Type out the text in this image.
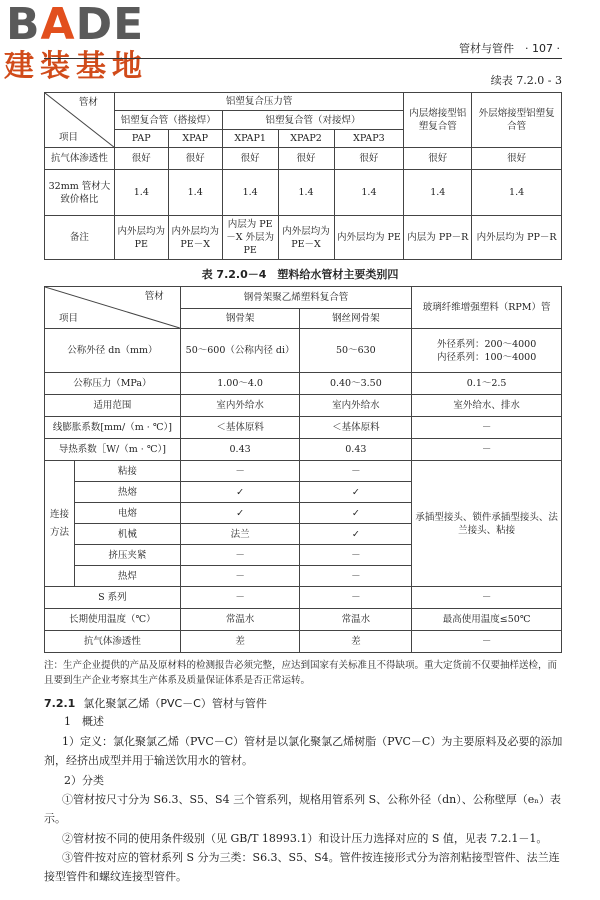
BADE
建装基地
管材与管件　 · 107 ·
续表 7.2.0 - 3
管材
项目	铝塑复合压力管					内层熔接型铝塑复合管	外层熔接型铝塑复合管
	铝塑复合管（搭接焊）		铝塑复合管（对接焊）				
	PAP	XPAP	XPAP1	XPAP2	XPAP3		
抗气体渗透性	很好	很好	很好	很好	很好	很好	很好
32mm 管材大致价格比	1.4	1.4	1.4	1.4	1.4	1.4	1.4
备注	内外层均为 PE	内外层均为 PE－X	内层为 PE－X 外层为 PE	内外层均为 PE－X	内外层均为 PE	内层为 PP－R	内外层均为 PP－R
表 7.2.0－4　塑料给水管材主要类别四
管材
项目		钢骨架聚乙烯塑料复合管		玻璃纤维增强塑料（RPM）管
		钢骨架	钢丝网骨架	
公称外径 dn（mm）		50～600（公称内径 di）	50～630	外径系列：200～4000
内径系列：100～4000

公称压力（MPa）		1.00～4.0	0.40～3.50	0.1～2.5
适用范围		室内外给水	室内外给水	室外给水、排水
线膨胀系数[mm/（m · ℃）]		＜基体原料	＜基体原料	－
导热系数［W/（m · ℃）]		0.43	0.43	－
连接方法	粘接	－	－	承插型接头、锁件承插型接头、法兰接头、粘接
	热熔	✓	✓	
	电熔	✓	✓	
	机械	法兰	✓	
	挤压夹紧	－	－	
	热焊	－	－	
S 系列		－	－	－
长期使用温度（℃）		常温水	常温水	最高使用温度≤50℃
抗气体渗透性		差	差	－
注：生产企业提供的产品及原材料的检测报告必须完整，应达到国家有关标准且不得缺项。重大定货前不仅要抽样送检，而且要到生产企业考察其生产体系及质量保证体系是否正常运转。
7.2.1 氯化聚氯乙烯（PVC－C）管材与管件
1　概述
1）定义：氯化聚氯乙烯（PVC－C）管材是以氯化聚氯乙烯树脂（PVC－C）为主要原料及必要的添加剂，经挤出成型并用于输送饮用水的管材。
2）分类
①管材按尺寸分为 S6.3、S5、S4 三个管系列，规格用管系列 S、公称外径（dn）、公称壁厚（eₙ）表示。
②管材按不同的使用条件级别（见 GB/T 18993.1）和设计压力选择对应的 S 值，见表 7.2.1－1。
③管件按对应的管材系列 S 分为三类：S6.3、S5、S4。管件按连接形式分为溶剂粘接型管件、法兰连接型管件和螺纹连接型管件。
